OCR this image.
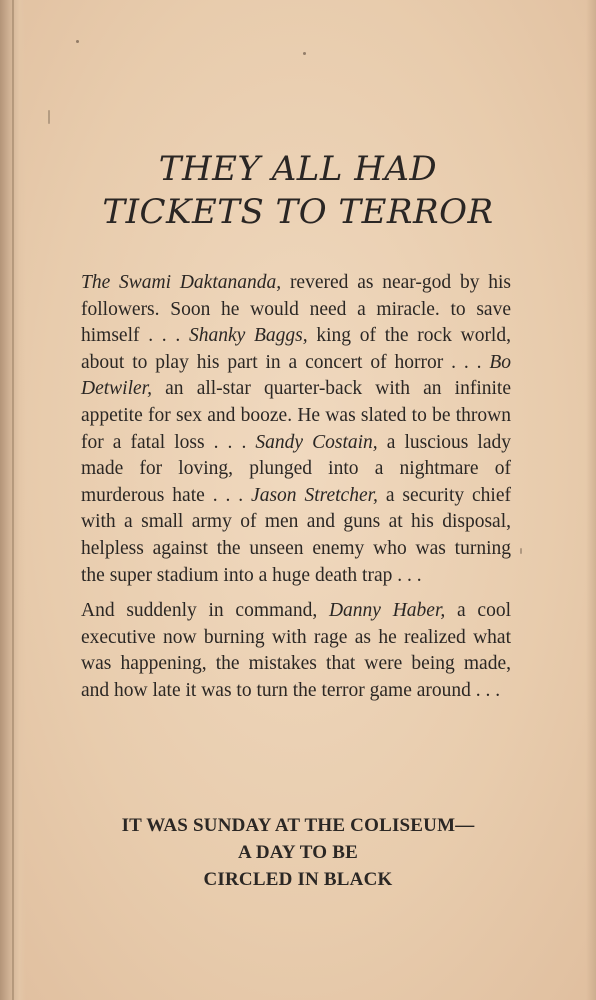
THEY ALL HAD
TICKETS TO TERROR

The Swami Daktananda, revered as near-god by his followers. Soon he would need a miracle. to save himself . . . Shanky Baggs, king of the rock world, about to play his part in a concert of horror . . . Bo Detwiler, an all-star quarter-back with an infinite appetite for sex and booze. He was slated to be thrown for a fatal loss . . . Sandy Costain, a luscious lady made for loving, plunged into a nightmare of murderous hate . . . Jason Stretcher, a security chief with a small army of men and guns at his disposal, helpless against the unseen enemy who was turning the super stadium into a huge death trap . . .

And suddenly in command, Danny Haber, a cool executive now burning with rage as he realized what was happening, the mistakes that were being made, and how late it was to turn the terror game around . . .

IT WAS SUNDAY AT THE COLISEUM—
A DAY TO BE
CIRCLED IN BLACK
